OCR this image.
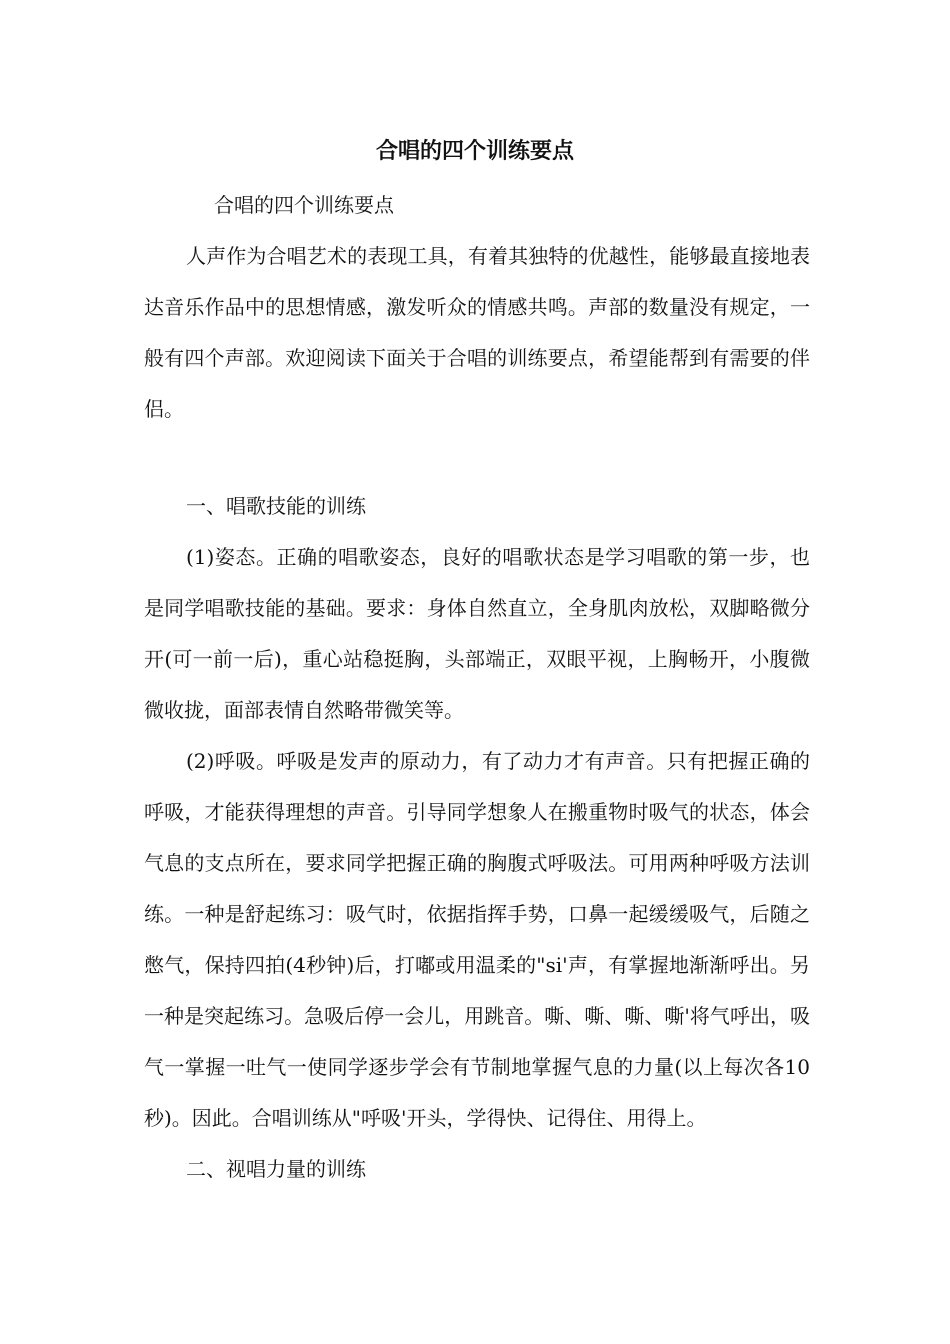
合唱的四个训练要点

合唱的四个训练要点

人声作为合唱艺术的表现工具，有着其独特的优越性，能够最直接地表达音乐作品中的思想情感，激发听众的情感共鸣。声部的数量没有规定，一般有四个声部。欢迎阅读下面关于合唱的训练要点，希望能帮到有需要的伴侣。

一、唱歌技能的训练

(1)姿态。正确的唱歌姿态，良好的唱歌状态是学习唱歌的第一步，也是同学唱歌技能的基础。要求：身体自然直立，全身肌肉放松，双脚略微分开(可一前一后)，重心站稳挺胸，头部端正，双眼平视，上胸畅开，小腹微微收拢，面部表情自然略带微笑等。

(2)呼吸。呼吸是发声的原动力，有了动力才有声音。只有把握正确的呼吸，才能获得理想的声音。引导同学想象人在搬重物时吸气的状态，体会气息的支点所在，要求同学把握正确的胸腹式呼吸法。可用两种呼吸方法训练。一种是舒起练习：吸气时，依据指挥手势，口鼻一起缓缓吸气，后随之憋气，保持四拍(4秒钟)后，打嘟或用温柔的"si'声，有掌握地渐渐呼出。另一种是突起练习。急吸后停一会儿，用跳音。嘶、嘶、嘶、嘶'将气呼出，吸气一掌握一吐气一使同学逐步学会有节制地掌握气息的力量(以上每次各10秒)。因此。合唱训练从"呼吸'开头，学得快、记得住、用得上。

二、视唱力量的训练
